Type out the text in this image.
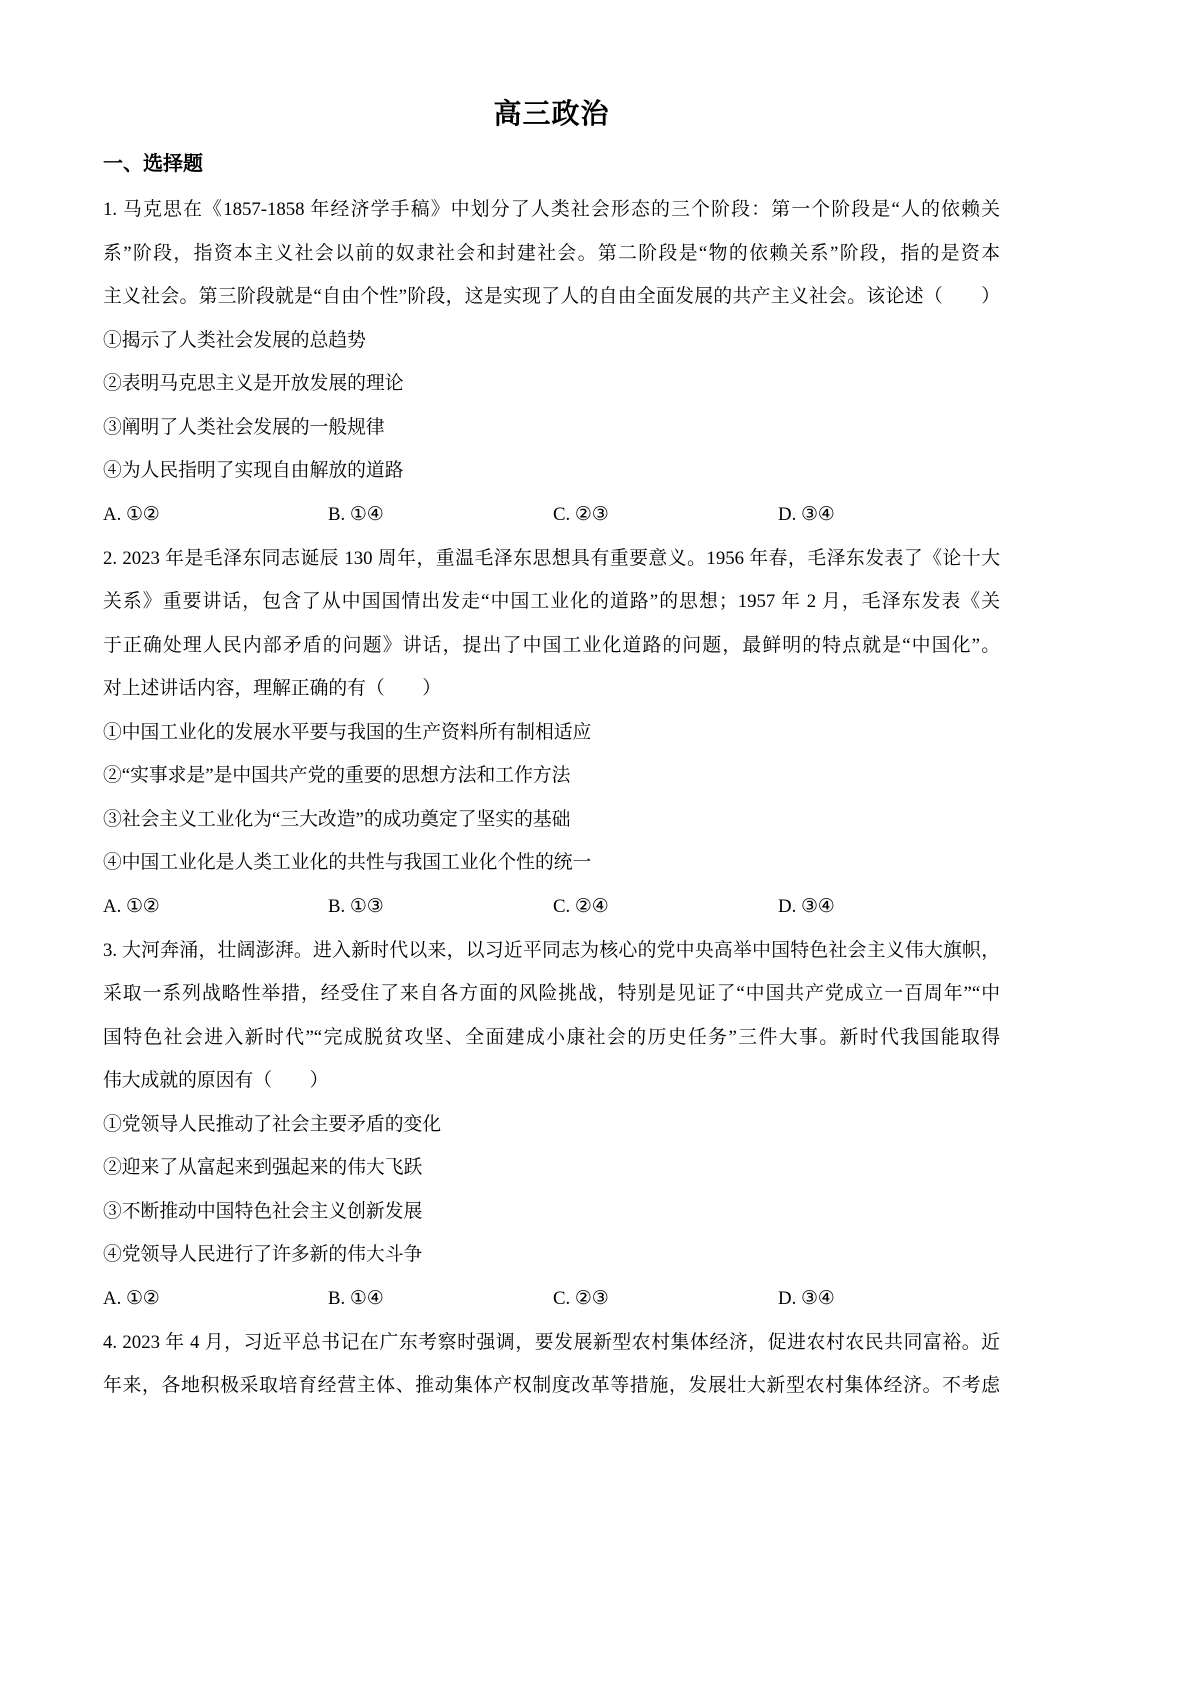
高三政治
一、选择题
1. 马克思在《1857-1858 年经济学手稿》中划分了人类社会形态的三个阶段：第一个阶段是“人的依赖关
系”阶段，指资本主义社会以前的奴隶社会和封建社会。第二阶段是“物的依赖关系”阶段，指的是资本
主义社会。第三阶段就是“自由个性”阶段，这是实现了人的自由全面发展的共产主义社会。该论述（　　）
①揭示了人类社会发展的总趋势
②表明马克思主义是开放发展的理论
③阐明了人类社会发展的一般规律
④为人民指明了实现自由解放的道路
A. ①②	B. ①④	C. ②③	D. ③④
2. 2023 年是毛泽东同志诞辰 130 周年，重温毛泽东思想具有重要意义。1956 年春，毛泽东发表了《论十大
关系》重要讲话，包含了从中国国情出发走“中国工业化的道路”的思想；1957 年 2 月，毛泽东发表《关
于正确处理人民内部矛盾的问题》讲话，提出了中国工业化道路的问题，最鲜明的特点就是“中国化”。
对上述讲话内容，理解正确的有（　　）
①中国工业化的发展水平要与我国的生产资料所有制相适应
②“实事求是”是中国共产党的重要的思想方法和工作方法
③社会主义工业化为“三大改造”的成功奠定了坚实的基础
④中国工业化是人类工业化的共性与我国工业化个性的统一
A. ①②	B. ①③	C. ②④	D. ③④
3. 大河奔涌，壮阔澎湃。进入新时代以来，以习近平同志为核心的党中央高举中国特色社会主义伟大旗帜，
采取一系列战略性举措，经受住了来自各方面的风险挑战，特别是见证了“中国共产党成立一百周年”“中
国特色社会进入新时代”“完成脱贫攻坚、全面建成小康社会的历史任务”三件大事。新时代我国能取得
伟大成就的原因有（　　）
①党领导人民推动了社会主要矛盾的变化
②迎来了从富起来到强起来的伟大飞跃
③不断推动中国特色社会主义创新发展
④党领导人民进行了许多新的伟大斗争
A. ①②	B. ①④	C. ②③	D. ③④
4. 2023 年 4 月，习近平总书记在广东考察时强调，要发展新型农村集体经济，促进农村农民共同富裕。近
年来，各地积极采取培育经营主体、推动集体产权制度改革等措施，发展壮大新型农村集体经济。不考虑
